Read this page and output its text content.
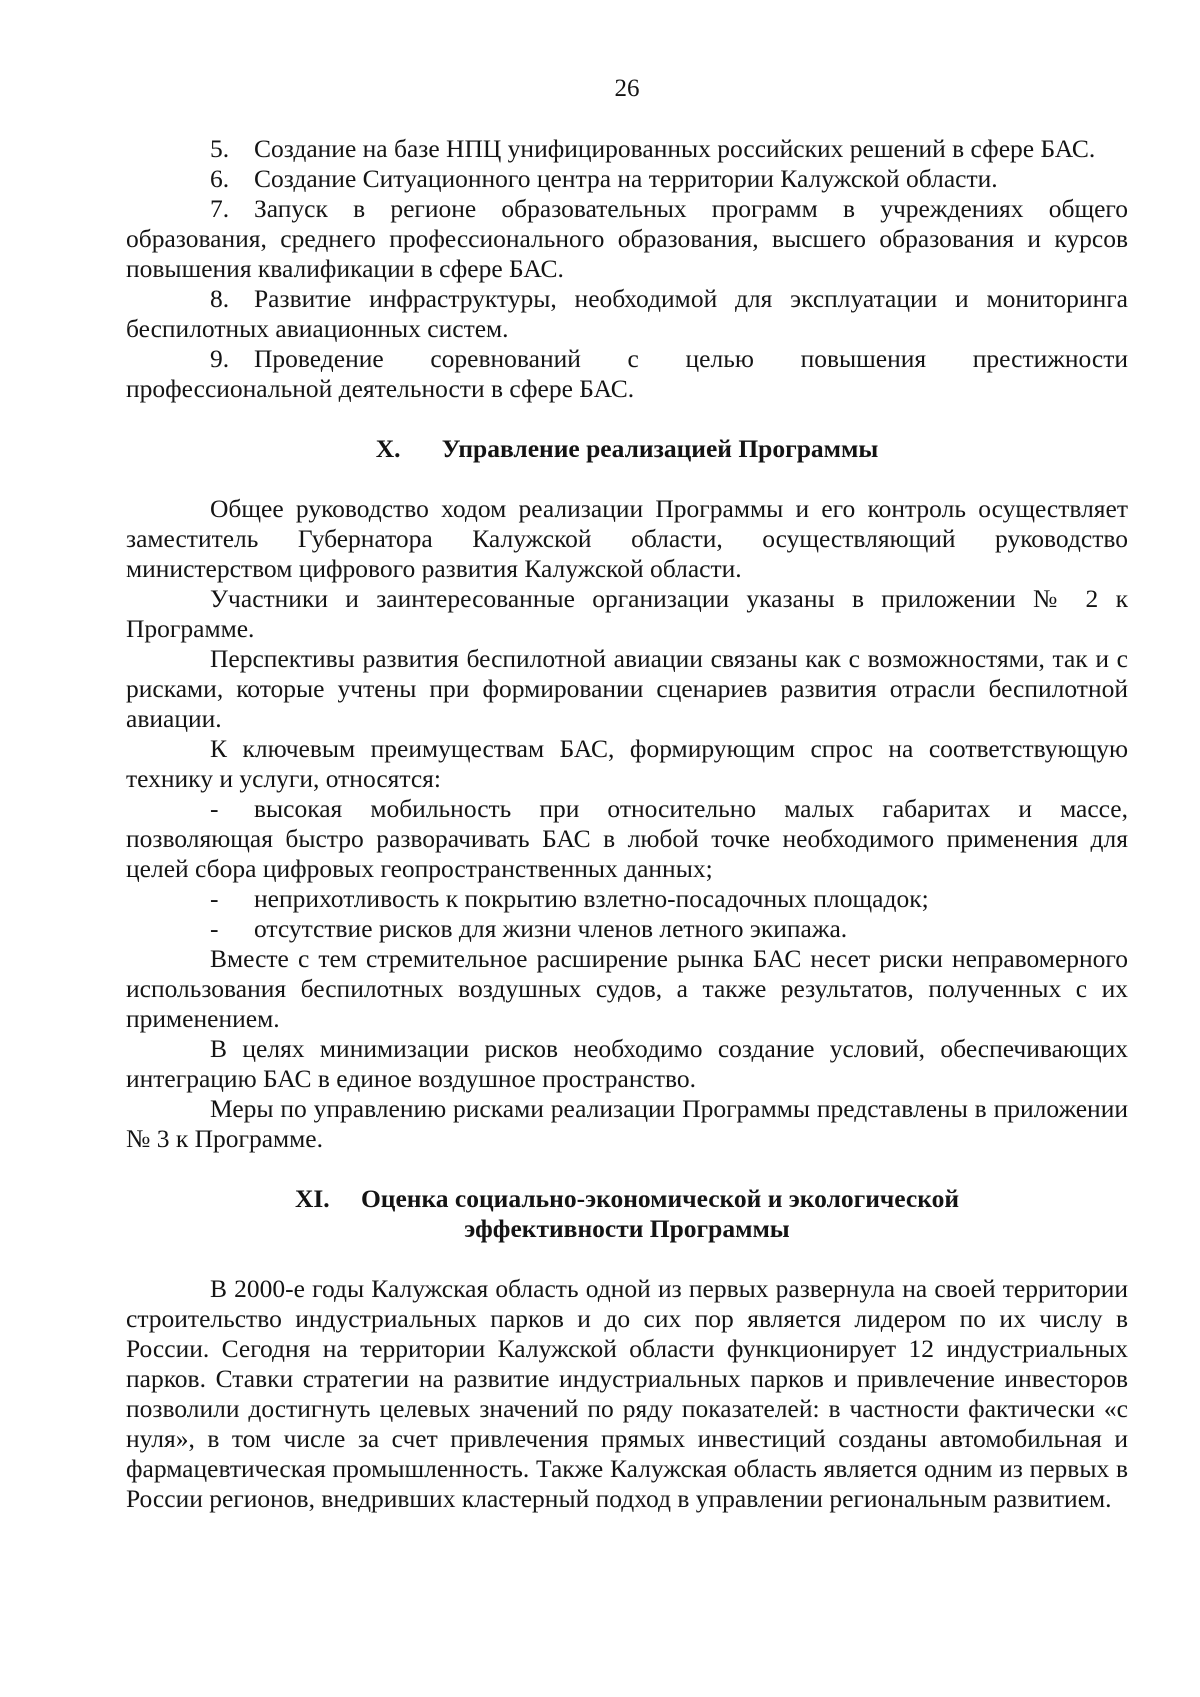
26

5. Создание на базе НПЦ унифицированных российских решений в сфере БАС.

6. Создание Ситуационного центра на территории Калужской области.

7. Запуск в регионе образовательных программ в учреждениях общего образования, среднего профессионального образования, высшего образования и курсов повышения квалификации в сфере БАС.

8. Развитие инфраструктуры, необходимой для эксплуатации и мониторинга беспилотных авиационных систем.

9. Проведение соревнований с целью повышения престижности профессиональной деятельности в сфере БАС.

X. Управление реализацией Программы

Общее руководство ходом реализации Программы и его контроль осуществляет заместитель Губернатора Калужской области, осуществляющий руководство министерством цифрового развития Калужской области.

Участники и заинтересованные организации указаны в приложении № 2 к Программе.

Перспективы развития беспилотной авиации связаны как с возможностями, так и с рисками, которые учтены при формировании сценариев развития отрасли беспилотной авиации.

К ключевым преимуществам БАС, формирующим спрос на соответствующую технику и услуги, относятся:

- высокая мобильность при относительно малых габаритах и массе, позволяющая быстро разворачивать БАС в любой точке необходимого применения для целей сбора цифровых геопространственных данных;

- неприхотливость к покрытию взлетно-посадочных площадок;

- отсутствие рисков для жизни членов летного экипажа.

Вместе с тем стремительное расширение рынка БАС несет риски неправомерного использования беспилотных воздушных судов, а также результатов, полученных с их применением.

В целях минимизации рисков необходимо создание условий, обеспечивающих интеграцию БАС в единое воздушное пространство.

Меры по управлению рисками реализации Программы представлены в приложении № 3 к Программе.

XI. Оценка социально-экономической и экологической
эффективности Программы

В 2000-е годы Калужская область одной из первых развернула на своей территории строительство индустриальных парков и до сих пор является лидером по их числу в России. Сегодня на территории Калужской области функционирует 12 индустриальных парков. Ставки стратегии на развитие индустриальных парков и привлечение инвесторов позволили достигнуть целевых значений по ряду показателей: в частности фактически «с нуля», в том числе за счет привлечения прямых инвестиций созданы автомобильная и фармацевтическая промышленность. Также Калужская область является одним из первых в России регионов, внедривших кластерный подход в управлении региональным развитием.
